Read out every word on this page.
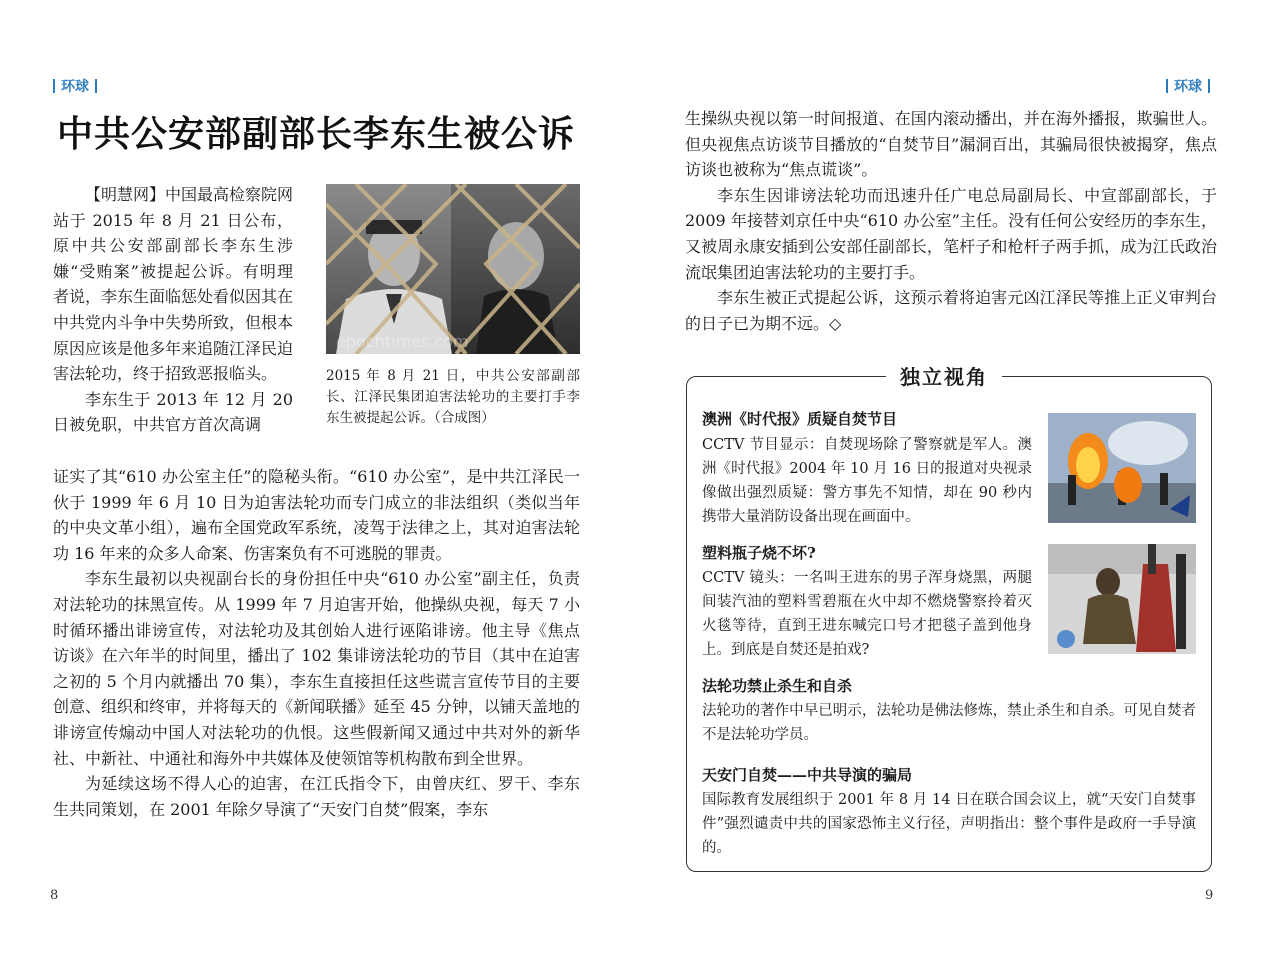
环球
中共公安部副部长李东生被公诉

【明慧网】中国最高检察院网站于 2015 年 8 月 21 日公布，原中共公安部副部长李东生涉嫌“受贿案”被提起公诉。有明理者说，李东生面临惩处看似因其在中共党内斗争中失势所致，但根本原因应该是他多年来追随江泽民迫害法轮功，终于招致恶报临头。

李东生于 2013 年 12 月 20 日被免职，中共官方首次高调

epochtimes.com
2015 年 8 月 21 日，中共公安部副部长、江泽民集团迫害法轮功的主要打手李东生被提起公诉。（合成图）

证实了其“610 办公室主任”的隐秘头衔。“610 办公室”，是中共江泽民一伙于 1999 年 6 月 10 日为迫害法轮功而专门成立的非法组织（类似当年的中央文革小组），遍布全国党政军系统，凌驾于法律之上，其对迫害法轮功 16 年来的众多人命案、伤害案负有不可逃脱的罪责。

李东生最初以央视副台长的身份担任中央“610 办公室”副主任，负责对法轮功的抹黑宣传。从 1999 年 7 月迫害开始，他操纵央视，每天 7 小时循环播出诽谤宣传，对法轮功及其创始人进行诬陷诽谤。他主导《焦点访谈》在六年半的时间里，播出了 102 集诽谤法轮功的节目（其中在迫害之初的 5 个月内就播出 70 集），李东生直接担任这些谎言宣传节目的主要创意、组织和终审，并将每天的《新闻联播》延至 45 分钟，以铺天盖地的诽谤宣传煽动中国人对法轮功的仇恨。这些假新闻又通过中共对外的新华社、中新社、中通社和海外中共媒体及使领馆等机构散布到全世界。

为延续这场不得人心的迫害，在江氏指令下，由曾庆红、罗干、李东生共同策划，在 2001 年除夕导演了“天安门自焚”假案，李东

8
环球

生操纵央视以第一时间报道、在国内滚动播出，并在海外播报，欺骗世人。但央视焦点访谈节目播放的“自焚节目”漏洞百出，其骗局很快被揭穿，焦点访谈也被称为“焦点谎谈”。

李东生因诽谤法轮功而迅速升任广电总局副局长、中宣部副部长，于 2009 年接替刘京任中央“610 办公室”主任。没有任何公安经历的李东生，又被周永康安插到公安部任副部长，笔杆子和枪杆子两手抓，成为江氏政治流氓集团迫害法轮功的主要打手。

李东生被正式提起公诉，这预示着将迫害元凶江泽民等推上正义审判台的日子已为期不远。◇

独立视角
澳洲《时代报》质疑自焚节目
CCTV 节目显示：自焚现场除了警察就是军人。澳洲《时代报》2004 年 10 月 16 日的报道对央视录像做出强烈质疑：警方事先不知情，却在 90 秒内携带大量消防设备出现在画面中。
塑料瓶子烧不坏?
CCTV 镜头：一名叫王进东的男子浑身烧黑，两腿间装汽油的塑料雪碧瓶在火中却不燃烧警察拎着灭火毯等待，直到王进东喊完口号才把毯子盖到他身上。到底是自焚还是拍戏?
法轮功禁止杀生和自杀
法轮功的著作中早已明示，法轮功是佛法修炼，禁止杀生和自杀。可见自焚者不是法轮功学员。
天安门自焚——中共导演的骗局
国际教育发展组织于 2001 年 8 月 14 日在联合国会议上，就“天安门自焚事件”强烈谴责中共的国家恐怖主义行径，声明指出：整个事件是政府一手导演的。
9
